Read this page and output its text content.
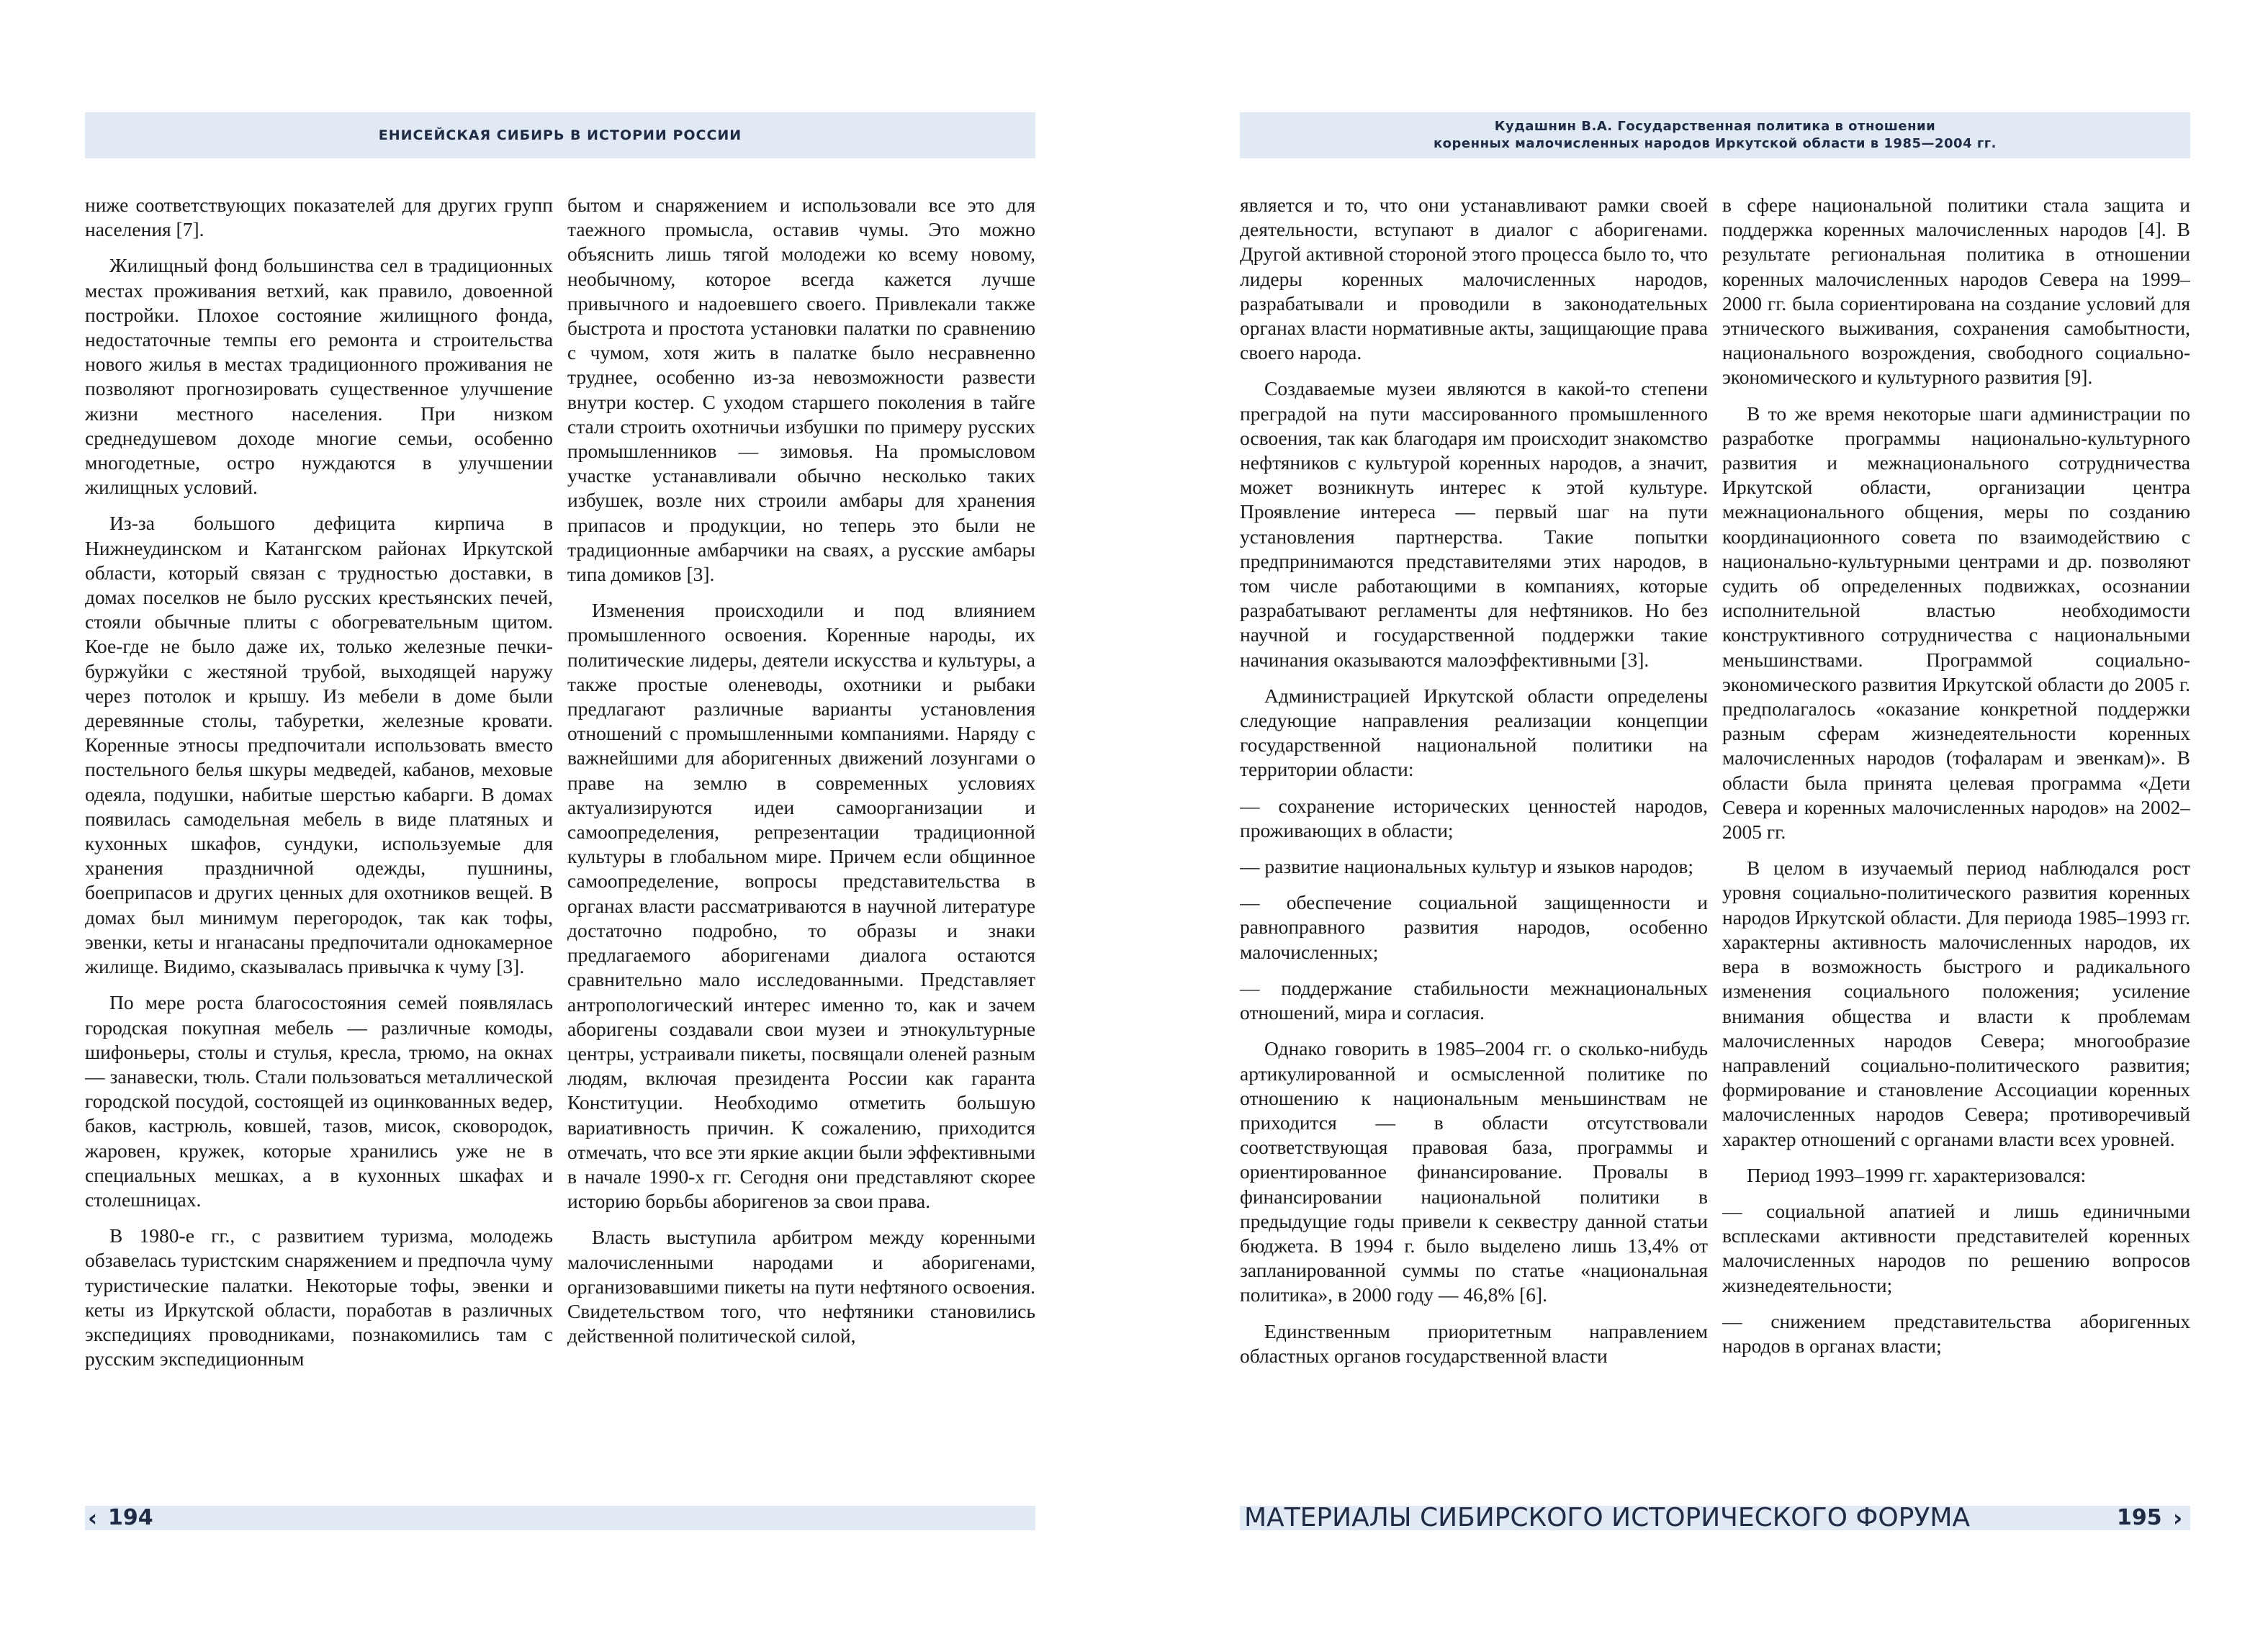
ЕНИСЕЙСКАЯ СИБИРЬ В ИСТОРИИ РОССИИ
Кудашнин В.А. Государственная политика в отношении
коренных малочисленных народов Иркутской области в 1985—2004 гг.

ниже соответствующих показателей для других групп населения [7].

Жилищный фонд большинства сел в традиционных местах проживания ветхий, как правило, довоенной постройки. Плохое состояние жилищного фонда, недостаточные темпы его ремонта и строительства нового жилья в местах традиционного проживания не позволяют прогнозировать существенное улучшение жизни местного населения. При низком среднедушевом доходе многие семьи, особенно многодетные, остро нуждаются в улучшении жилищных условий.

Из-за большого дефицита кирпича в Нижнеудинском и Катангском районах Иркутской области, который связан с трудностью доставки, в домах поселков не было русских крестьянских печей, стояли обычные плиты с обогревательным щитом. Кое-где не было даже их, только железные печки-буржуйки с жестяной трубой, выходящей наружу через потолок и крышу. Из мебели в доме были деревянные столы, табуретки, железные кровати. Коренные этносы предпочитали использовать вместо постельного белья шкуры медведей, кабанов, меховые одеяла, подушки, набитые шерстью кабарги. В домах появилась самодельная мебель в виде платяных и кухонных шкафов, сундуки, используемые для хранения праздничной одежды, пушнины, боеприпасов и других ценных для охотников вещей. В домах был минимум перегородок, так как тофы, эвенки, кеты и нганасаны предпочитали однокамерное жилище. Видимо, сказывалась привычка к чуму [3].

По мере роста благосостояния семей появлялась городская покупная мебель — различные комоды, шифоньеры, столы и стулья, кресла, трюмо, на окнах — занавески, тюль. Стали пользоваться металлической городской посудой, состоящей из оцинкованных ведер, баков, кастрюль, ковшей, тазов, мисок, сковородок, жаровен, кружек, которые хранились уже не в специальных мешках, а в кухонных шкафах и столешницах.

В 1980-е гг., с развитием туризма, молодежь обзавелась туристским снаряжением и предпочла чуму туристические палатки. Некоторые тофы, эвенки и кеты из Иркутской области, поработав в различных экспедициях проводниками, познакомились там с русским экспедиционным

бытом и снаряжением и использовали все это для таежного промысла, оставив чумы. Это можно объяснить лишь тягой молодежи ко всему новому, необычному, которое всегда кажется лучше привычного и надоевшего своего. Привлекали также быстрота и простота установки палатки по сравнению с чумом, хотя жить в палатке было несравненно труднее, особенно из-за невозможности развести внутри костер. С уходом старшего поколения в тайге стали строить охотничьи избушки по примеру русских промышленников — зимовья. На промысловом участке устанавливали обычно несколько таких избушек, возле них строили амбары для хранения припасов и продукции, но теперь это были не традиционные амбарчики на сваях, а русские амбары типа домиков [3].

Изменения происходили и под влиянием промышленного освоения. Коренные народы, их политические лидеры, деятели искусства и культуры, а также простые оленеводы, охотники и рыбаки предлагают различные варианты установления отношений с промышленными компаниями. Наряду с важнейшими для аборигенных движений лозунгами о праве на землю в современных условиях актуализируются идеи самоорганизации и самоопределения, репрезентации традиционной культуры в глобальном мире. Причем если общинное самоопределение, вопросы представительства в органах власти рассматриваются в научной литературе достаточно подробно, то образы и знаки предлагаемого аборигенами диалога остаются сравнительно мало исследованными. Представляет антропологический интерес именно то, как и зачем аборигены создавали свои музеи и этнокультурные центры, устраивали пикеты, посвящали оленей разным людям, включая президента России как гаранта Конституции. Необходимо отметить большую вариативность причин. К сожалению, приходится отмечать, что все эти яркие акции были эффективными в начале 1990-х гг. Сегодня они представляют скорее историю борьбы аборигенов за свои права.

Власть выступила арбитром между коренными малочисленными народами и аборигенами, организовавшими пикеты на пути нефтяного освоения. Свидетельством того, что нефтяники становились действенной политической силой,

является и то, что они устанавливают рамки своей деятельности, вступают в диалог с аборигенами. Другой активной стороной этого процесса было то, что лидеры коренных малочисленных народов, разрабатывали и проводили в законодательных органах власти нормативные акты, защищающие права своего народа.

Создаваемые музеи являются в какой-то степени преградой на пути массированного промышленного освоения, так как благодаря им происходит знакомство нефтяников с культурой коренных народов, а значит, может возникнуть интерес к этой культуре. Проявление интереса — первый шаг на пути установления партнерства. Такие попытки предпринимаются представителями этих народов, в том числе работающими в компаниях, которые разрабатывают регламенты для нефтяников. Но без научной и государственной поддержки такие начинания оказываются малоэффективными [3].

Администрацией Иркутской области определены следующие направления реализации концепции государственной национальной политики на территории области:

— сохранение исторических ценностей народов, проживающих в области;

— развитие национальных культур и языков народов;

— обеспечение социальной защищенности и равноправного развития народов, особенно малочисленных;

— поддержание стабильности межнациональных отношений, мира и согласия.

Однако говорить в 1985–2004 гг. о сколько-нибудь артикулированной и осмысленной политике по отношению к национальным меньшинствам не приходится — в области отсутствовали соответствующая правовая база, программы и ориентированное финансирование. Провалы в финансировании национальной политики в предыдущие годы привели к секвестру данной статьи бюджета. В 1994 г. было выделено лишь 13,4% от запланированной суммы по статье «национальная политика», в 2000 году — 46,8% [6].

Единственным приоритетным направлением областных органов государственной власти

в сфере национальной политики стала защита и поддержка коренных малочисленных народов [4]. В результате региональная политика в отношении коренных малочисленных народов Севера на 1999–2000 гг. была сориентирована на создание условий для этнического выживания, сохранения самобытности, национального возрождения, свободного социально-экономического и культурного развития [9].

В то же время некоторые шаги администрации по разработке программы национально-культурного развития и межнационального сотрудничества Иркутской области, организации центра межнационального общения, меры по созданию координационного совета по взаимодействию с национально-культурными центрами и др. позволяют судить об определенных подвижках, осознании исполнительной властью необходимости конструктивного сотрудничества с национальными меньшинствами. Программой социально-экономического развития Иркутской области до 2005 г. предполагалось «оказание конкретной поддержки разным сферам жизнедеятельности коренных малочисленных народов (тофаларам и эвенкам)». В области была принята целевая программа «Дети Севера и коренных малочисленных народов» на 2002–2005 гг.

В целом в изучаемый период наблюдался рост уровня социально-политического развития коренных народов Иркутской области. Для периода 1985–1993 гг. характерны активность малочисленных народов, их вера в возможность быстрого и радикального изменения социального положения; усиление внимания общества и власти к проблемам малочисленных народов Севера; многообразие направлений социально-политического развития; формирование и становление Ассоциации коренных малочисленных народов Севера; противоречивый характер отношений с органами власти всех уровней.

Период 1993–1999 гг. характеризовался:

— социальной апатией и лишь единичными всплесками активности представителей коренных малочисленных народов по решению вопросов жизнедеятельности;

— снижением представительства аборигенных народов в органах власти;

‹ 194	МАТЕРИАЛЫ СИБИРСКОГО ИСТОРИЧЕСКОГО ФОРУМА	195 ›
